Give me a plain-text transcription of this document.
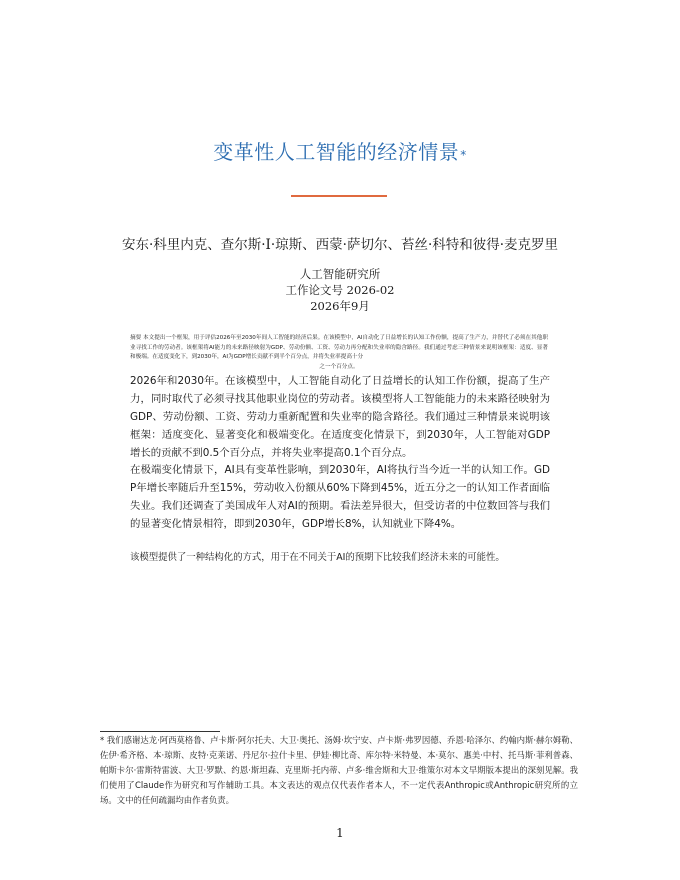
变革性人工智能的经济情景*
安东·科里内克、查尔斯·I·琼斯、西蒙·萨切尔、苔丝·科特和彼得·麦克罗里
人工智能研究所
工作论文号 2026-02
2026年9月
摘要 本文提出一个框架，用于评估2026年至2030年间人工智能的经济后果。在该模型中，AI自动化了日益增长的认知工作份额，提高了生产力，并替代了必须在其他职业寻找工作的劳动者。该框架将AI能力的未来路径映射为GDP、劳动份额、工资、劳动力再分配和失业率的隐含路径。我们通过考虑三种情景来说明该框架：适度、显著和极端。在适度变化下，到2030年，AI为GDP增长贡献不到半个百分点，并将失业率提高十分
之一个百分点。
2026年和2030年。在该模型中，人工智能自动化了日益增长的认知工作份额，提高了生产力，同时取代了必须寻找其他职业岗位的劳动者。该模型将人工智能能力的未来路径映射为GDP、劳动份额、工资、劳动力重新配置和失业率的隐含路径。我们通过三种情景来说明该框架：适度变化、显著变化和极端变化。在适度变化情景下，到2030年，人工智能对GDP增长的贡献不到0.5个百分点，并将失业率提高0.1个百分点。
在极端变化情景下，AI具有变革性影响，到2030年，AI将执行当今近一半的认知工作。GDP年增长率随后升至15%，劳动收入份额从60%下降到45%，近五分之一的认知工作者面临失业。我们还调查了美国成年人对AI的预期。看法差异很大，但受访者的中位数回答与我们的显著变化情景相符，即到2030年，GDP增长8%，认知就业下降4%。
该模型提供了一种结构化的方式，用于在不同关于AI的预期下比较我们经济未来的可能性。
* 我们感谢达龙·阿西莫格鲁、卢卡斯·阿尔托夫、大卫·奥托、汤姆·坎宁安、卢卡斯·弗罗因德、乔恩·哈泽尔、约翰内斯·赫尔姆勒、佐伊·希齐格、本·琼斯、皮特·克莱诺、丹尼尔·拉什卡里、伊娃·柳比奇、库尔特·米特曼、本·莫尔、惠美·中村、托马斯·菲利普森、帕斯卡尔·雷斯特雷波、大卫·罗默、约恩·斯坦森、克里斯·托内蒂、卢多·维舍斯和大卫·维策尔对本文早期版本提出的深刻见解。我们使用了Claude作为研究和写作辅助工具。本文表达的观点仅代表作者本人，不一定代表Anthropic或Anthropic研究所的立场。文中的任何疏漏均由作者负责。
1
